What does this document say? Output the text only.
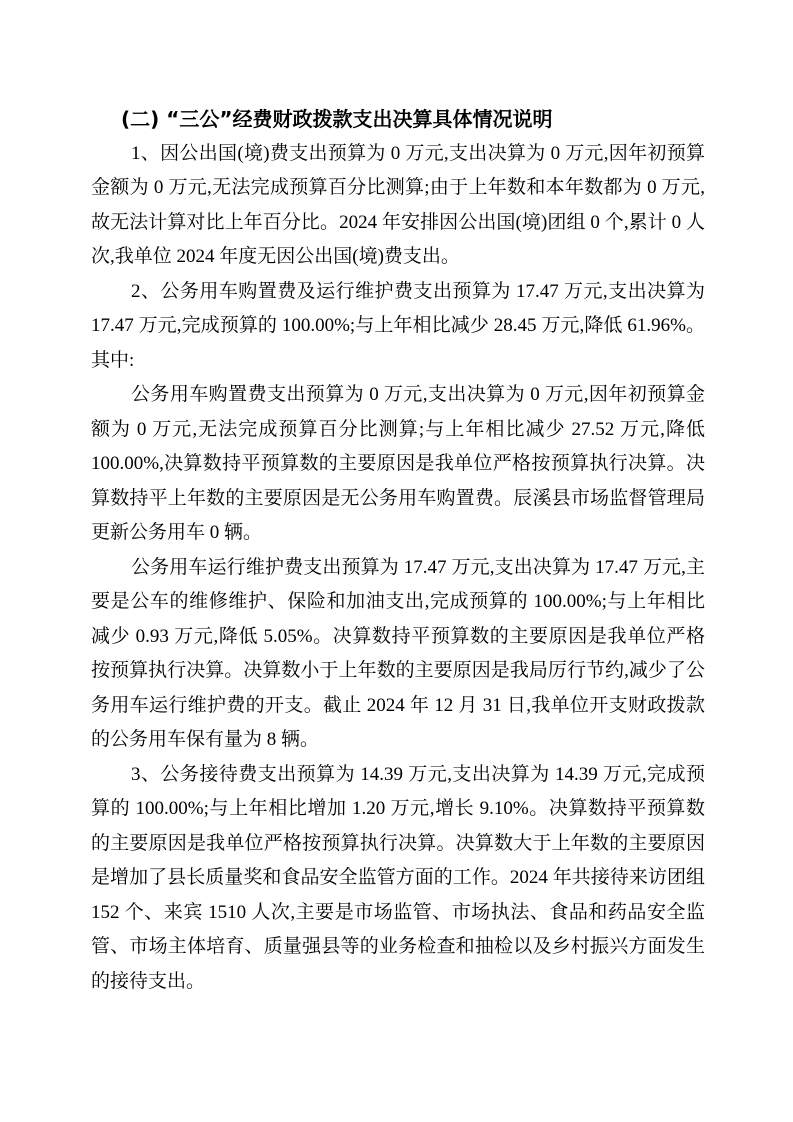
(二) “三公”经费财政拨款支出决算具体情况说明

1、因公出国(境)费支出预算为 0 万元,支出决算为 0 万元,因年初预算金额为 0 万元,无法完成预算百分比测算;由于上年数和本年数都为 0 万元,故无法计算对比上年百分比。2024 年安排因公出国(境)团组 0 个,累计 0 人次,我单位 2024 年度无因公出国(境)费支出。

2、公务用车购置费及运行维护费支出预算为 17.47 万元,支出决算为 17.47 万元,完成预算的 100.00%;与上年相比减少 28.45 万元,降低 61.96%。其中:

公务用车购置费支出预算为 0 万元,支出决算为 0 万元,因年初预算金额为 0 万元,无法完成预算百分比测算;与上年相比减少 27.52 万元,降低 100.00%,决算数持平预算数的主要原因是我单位严格按预算执行决算。决算数持平上年数的主要原因是无公务用车购置费。辰溪县市场监督管理局更新公务用车 0 辆。

公务用车运行维护费支出预算为 17.47 万元,支出决算为 17.47 万元,主要是公车的维修维护、保险和加油支出,完成预算的 100.00%;与上年相比减少 0.93 万元,降低 5.05%。决算数持平预算数的主要原因是我单位严格按预算执行决算。决算数小于上年数的主要原因是我局厉行节约,减少了公务用车运行维护费的开支。截止 2024 年 12 月 31 日,我单位开支财政拨款的公务用车保有量为 8 辆。

3、公务接待费支出预算为 14.39 万元,支出决算为 14.39 万元,完成预算的 100.00%;与上年相比增加 1.20 万元,增长 9.10%。决算数持平预算数的主要原因是我单位严格按预算执行决算。决算数大于上年数的主要原因是增加了县长质量奖和食品安全监管方面的工作。2024 年共接待来访团组 152 个、来宾 1510 人次,主要是市场监管、市场执法、食品和药品安全监管、市场主体培育、质量强县等的业务检查和抽检以及乡村振兴方面发生的接待支出。
